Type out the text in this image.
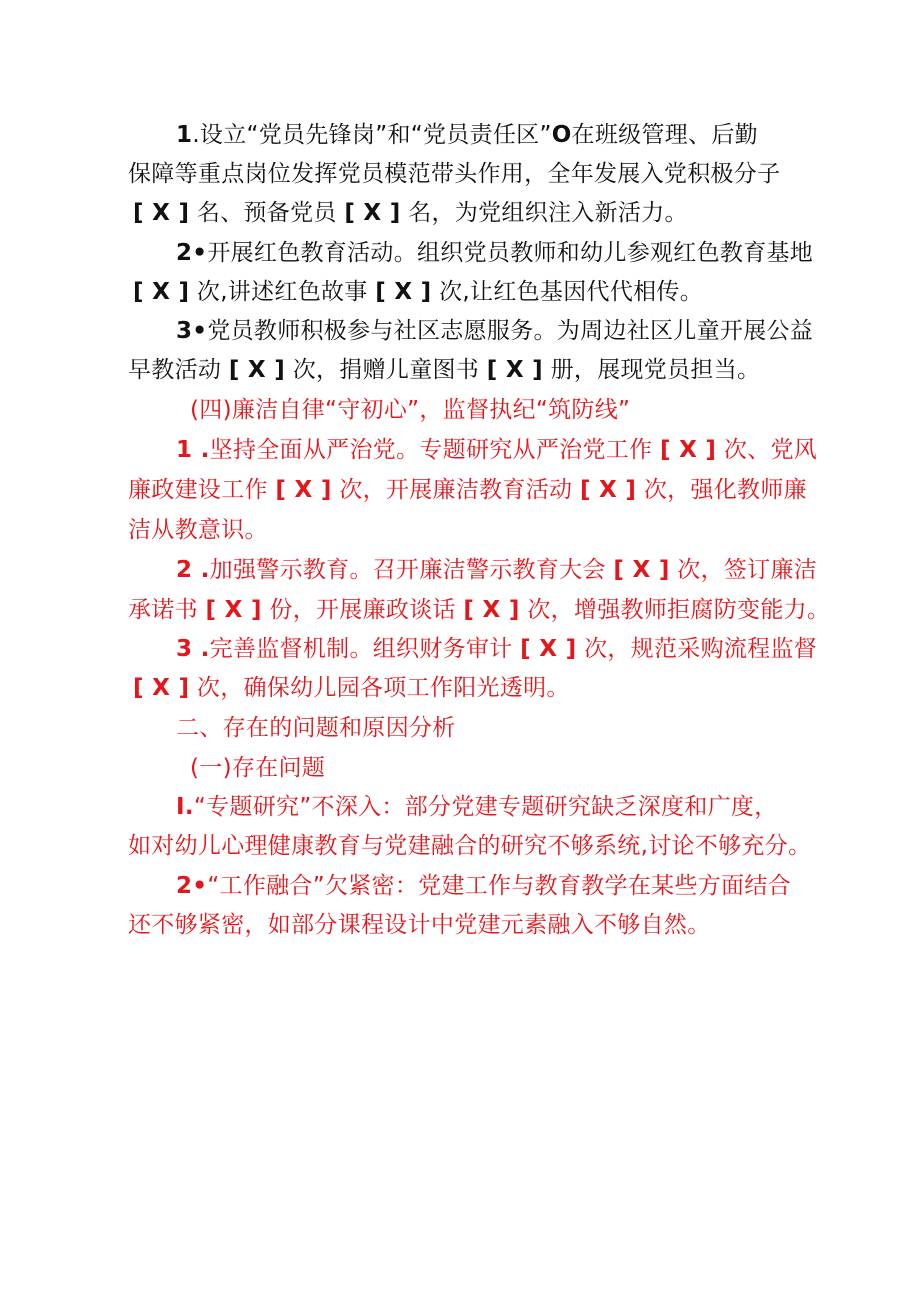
1.设立“党员先锋岗”和“党员责任区”O在班级管理、后勤
保障等重点岗位发挥党员模范带头作用，全年发展入党积极分子
[ X ] 名、预备党员 [ X ] 名，为党组织注入新活力。
2•开展红色教育活动。组织党员教师和幼儿参观红色教育基地
[ X ] 次,讲述红色故事 [ X ] 次,让红色基因代代相传。
3•党员教师积极参与社区志愿服务。为周边社区儿童开展公益
早教活动 [ X ] 次，捐赠儿童图书 [ X ] 册，展现党员担当。
(四)廉洁自律“守初心”，监督执纪“筑防线”
1 .坚持全面从严治党。专题研究从严治党工作 [ X ] 次、党风
廉政建设工作 [ X ] 次，开展廉洁教育活动 [ X ] 次，强化教师廉
洁从教意识。
2 .加强警示教育。召开廉洁警示教育大会 [ X ] 次，签订廉洁
承诺书 [ X ] 份，开展廉政谈话 [ X ] 次，增强教师拒腐防变能力。
3 .完善监督机制。组织财务审计 [ X ] 次，规范采购流程监督
[ X ] 次，确保幼儿园各项工作阳光透明。
二、存在的问题和原因分析
(一)存在问题
I.“专题研究”不深入：部分党建专题研究缺乏深度和广度，
如对幼儿心理健康教育与党建融合的研究不够系统,讨论不够充分。
2•“工作融合”欠紧密：党建工作与教育教学在某些方面结合
还不够紧密，如部分课程设计中党建元素融入不够自然。
